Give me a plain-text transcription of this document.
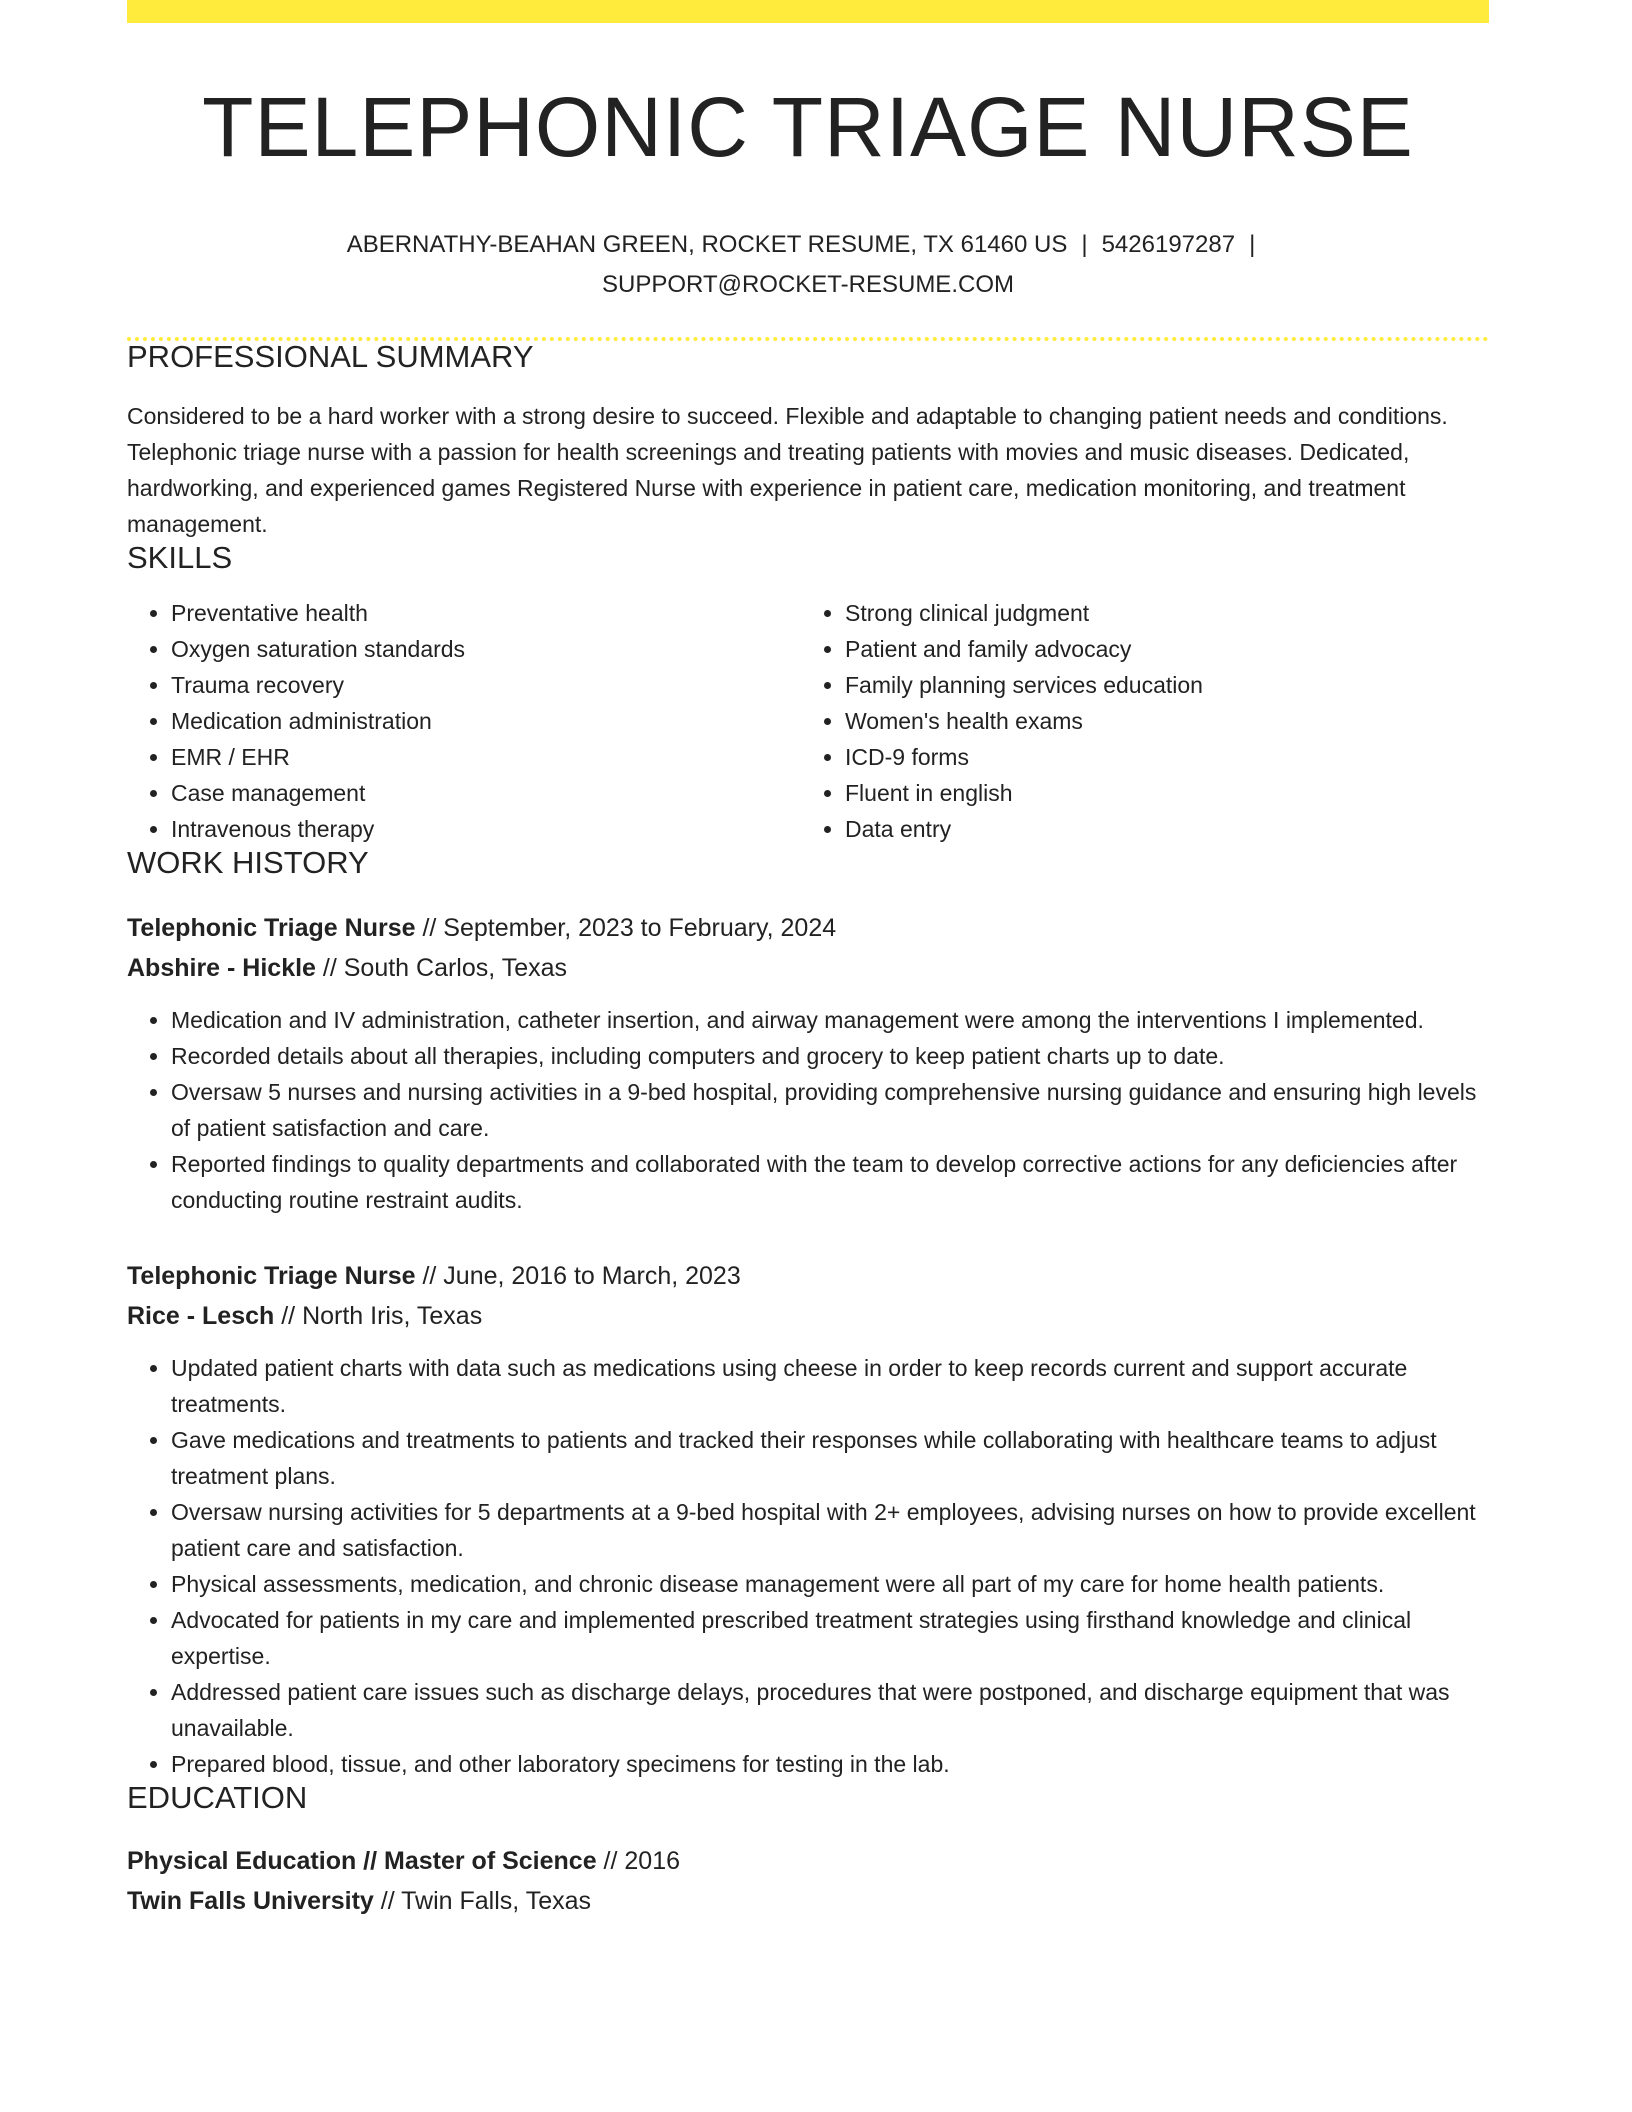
TELEPHONIC TRIAGE NURSE
ABERNATHY-BEAHAN GREEN, ROCKET RESUME, TX 61460 US | 5426197287 |
SUPPORT@ROCKET-RESUME.COM
PROFESSIONAL SUMMARY

Considered to be a hard worker with a strong desire to succeed. Flexible and adaptable to changing patient needs and conditions. Telephonic triage nurse with a passion for health screenings and treating patients with movies and music diseases. Dedicated, hardworking, and experienced games Registered Nurse with experience in patient care, medication monitoring, and treatment management.

SKILLS
• Preventative health
• Oxygen saturation standards
• Trauma recovery
• Medication administration
• EMR / EHR
• Case management
• Intravenous therapy
• Strong clinical judgment
• Patient and family advocacy
• Family planning services education
• Women's health exams
• ICD-9 forms
• Fluent in english
• Data entry
WORK HISTORY
Telephonic Triage Nurse // September, 2023 to February, 2024
Abshire - Hickle // South Carlos, Texas
• Medication and IV administration, catheter insertion, and airway management were among the interventions I implemented.
• Recorded details about all therapies, including computers and grocery to keep patient charts up to date.
• Oversaw 5 nurses and nursing activities in a 9-bed hospital, providing comprehensive nursing guidance and ensuring high levels of patient satisfaction and care.
• Reported findings to quality departments and collaborated with the team to develop corrective actions for any deficiencies after conducting routine restraint audits.
Telephonic Triage Nurse // June, 2016 to March, 2023
Rice - Lesch // North Iris, Texas
• Updated patient charts with data such as medications using cheese in order to keep records current and support accurate treatments.
• Gave medications and treatments to patients and tracked their responses while collaborating with healthcare teams to adjust treatment plans.
• Oversaw nursing activities for 5 departments at a 9-bed hospital with 2+ employees, advising nurses on how to provide excellent patient care and satisfaction.
• Physical assessments, medication, and chronic disease management were all part of my care for home health patients.
• Advocated for patients in my care and implemented prescribed treatment strategies using firsthand knowledge and clinical expertise.
• Addressed patient care issues such as discharge delays, procedures that were postponed, and discharge equipment that was unavailable.
• Prepared blood, tissue, and other laboratory specimens for testing in the lab.
EDUCATION
Physical Education // Master of Science // 2016
Twin Falls University // Twin Falls, Texas
